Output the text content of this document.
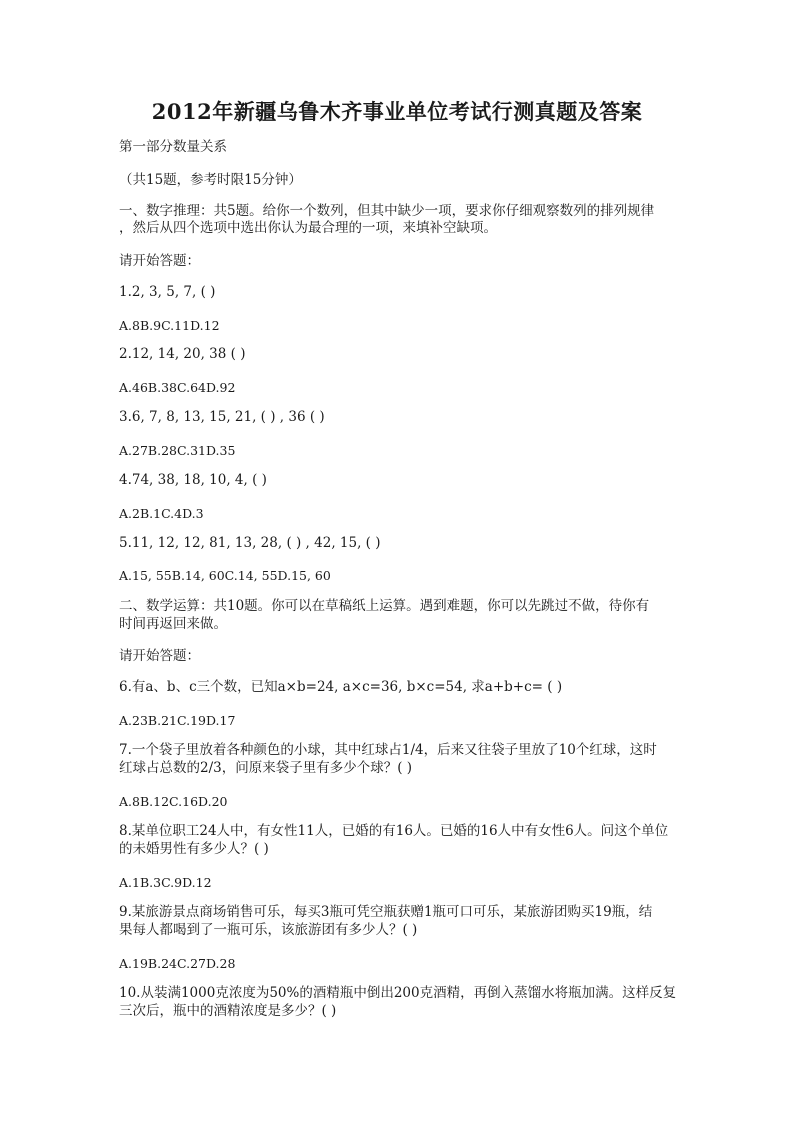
2012年新疆乌鲁木齐事业单位考试行测真题及答案
第一部分数量关系
（共15题，参考时限15分钟）
一、数字推理：共5题。给你一个数列，但其中缺少一项，要求你仔细观察数列的排列规律
，然后从四个选项中选出你认为最合理的一项，来填补空缺项。
请开始答题：
1.2, 3, 5, 7, ( )
A.8B.9C.11D.12
2.12, 14, 20, 38 ( )
A.46B.38C.64D.92
3.6, 7, 8, 13, 15, 21, ( ) , 36 ( )
A.27B.28C.31D.35
4.74, 38, 18, 10, 4, ( )
A.2B.1C.4D.3
5.11, 12, 12, 81, 13, 28, ( ) , 42, 15, ( )
A.15, 55B.14, 60C.14, 55D.15, 60
二、数学运算：共10题。你可以在草稿纸上运算。遇到难题，你可以先跳过不做，待你有
时间再返回来做。
请开始答题：
6.有a、b、c三个数，已知a×b=24, a×c=36, b×c=54, 求a+b+c= ( )
A.23B.21C.19D.17
7.一个袋子里放着各种颜色的小球，其中红球占1/4，后来又往袋子里放了10个红球，这时
红球占总数的2/3，问原来袋子里有多少个球？( )
A.8B.12C.16D.20
8.某单位职工24人中，有女性11人，已婚的有16人。已婚的16人中有女性6人。问这个单位
的未婚男性有多少人？( )
A.1B.3C.9D.12
9.某旅游景点商场销售可乐，每买3瓶可凭空瓶获赠1瓶可口可乐，某旅游团购买19瓶，结
果每人都喝到了一瓶可乐，该旅游团有多少人？( )
A.19B.24C.27D.28
10.从装满1000克浓度为50%的酒精瓶中倒出200克酒精，再倒入蒸馏水将瓶加满。这样反复
三次后，瓶中的酒精浓度是多少？( )
